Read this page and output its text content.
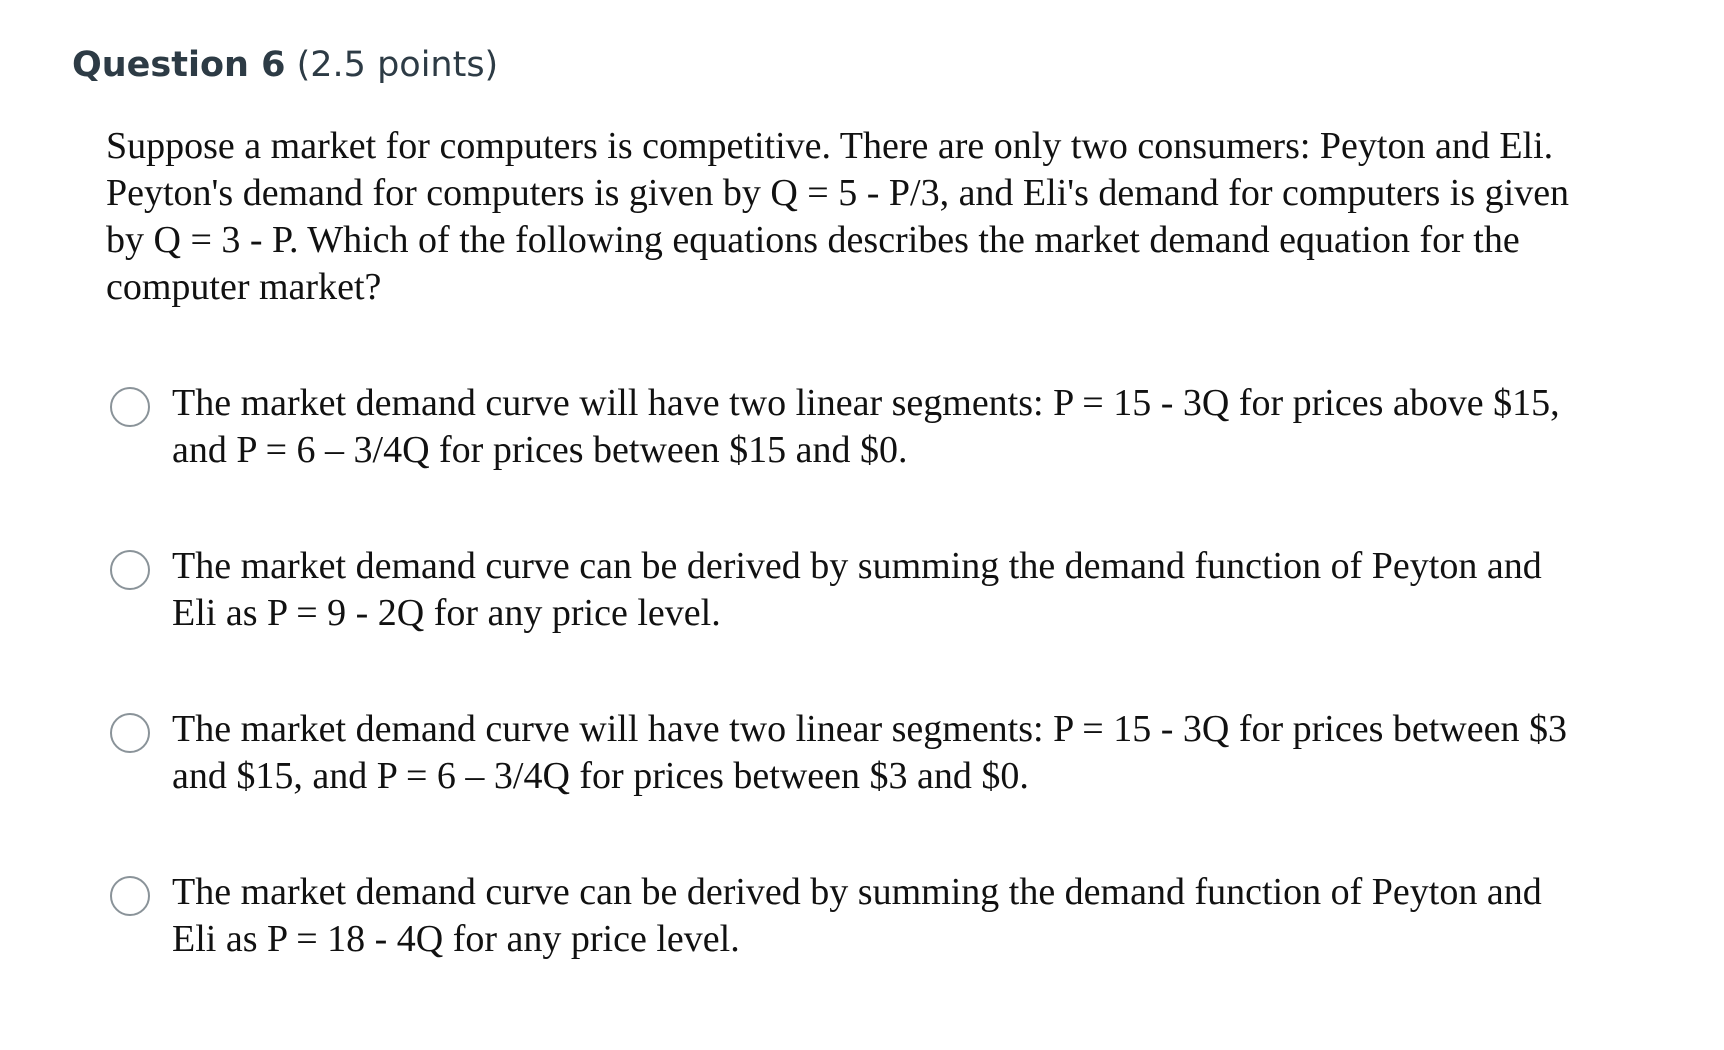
Question 6 (2.5 points)
Suppose a market for computers is competitive. There are only two consumers: Peyton and Eli. Peyton's demand for computers is given by Q = 5 - P/3, and Eli's demand for computers is given by Q = 3 - P. Which of the following equations describes the market demand equation for the computer market?
The market demand curve will have two linear segments: P = 15 - 3Q for prices above $15, and P = 6 – 3/4Q for prices between $15 and $0.
The market demand curve can be derived by summing the demand function of Peyton and Eli as P = 9 - 2Q for any price level.
The market demand curve will have two linear segments: P = 15 - 3Q for prices between $3 and $15, and P = 6 – 3/4Q for prices between $3 and $0.
The market demand curve can be derived by summing the demand function of Peyton and Eli as P = 18 - 4Q for any price level.
